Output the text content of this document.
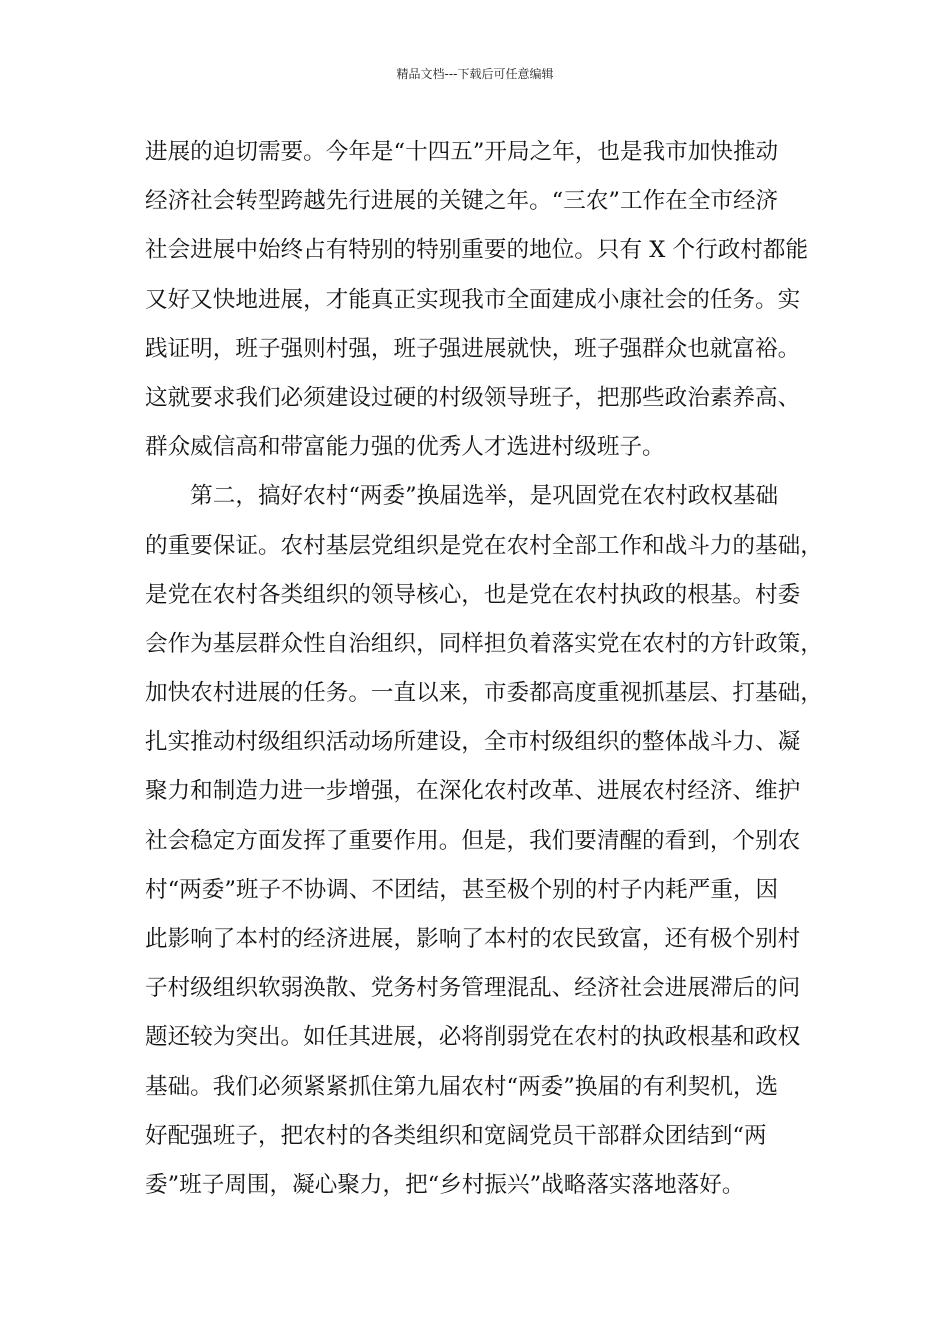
精品文档---下载后可任意编辑
进展的迫切需要。今年是“十四五”开局之年，也是我市加快推动
经济社会转型跨越先行进展的关键之年。“三农”工作在全市经济
社会进展中始终占有特别的特别重要的地位。只有 X 个行政村都能
又好又快地进展，才能真正实现我市全面建成小康社会的任务。实
践证明，班子强则村强，班子强进展就快，班子强群众也就富裕。
这就要求我们必须建设过硬的村级领导班子，把那些政治素养高、
群众威信高和带富能力强的优秀人才选进村级班子。
　　第二，搞好农村“两委”换届选举，是巩固党在农村政权基础
的重要保证。农村基层党组织是党在农村全部工作和战斗力的基础，
是党在农村各类组织的领导核心，也是党在农村执政的根基。村委
会作为基层群众性自治组织，同样担负着落实党在农村的方针政策，
加快农村进展的任务。一直以来，市委都高度重视抓基层、打基础，
扎实推动村级组织活动场所建设，全市村级组织的整体战斗力、凝
聚力和制造力进一步增强，在深化农村改革、进展农村经济、维护
社会稳定方面发挥了重要作用。但是，我们要清醒的看到，个别农
村“两委”班子不协调、不团结，甚至极个别的村子内耗严重，因
此影响了本村的经济进展，影响了本村的农民致富，还有极个别村
子村级组织软弱涣散、党务村务管理混乱、经济社会进展滞后的问
题还较为突出。如任其进展，必将削弱党在农村的执政根基和政权
基础。我们必须紧紧抓住第九届农村“两委”换届的有利契机，选
好配强班子，把农村的各类组织和宽阔党员干部群众团结到“两
委”班子周围，凝心聚力，把“乡村振兴”战略落实落地落好。
